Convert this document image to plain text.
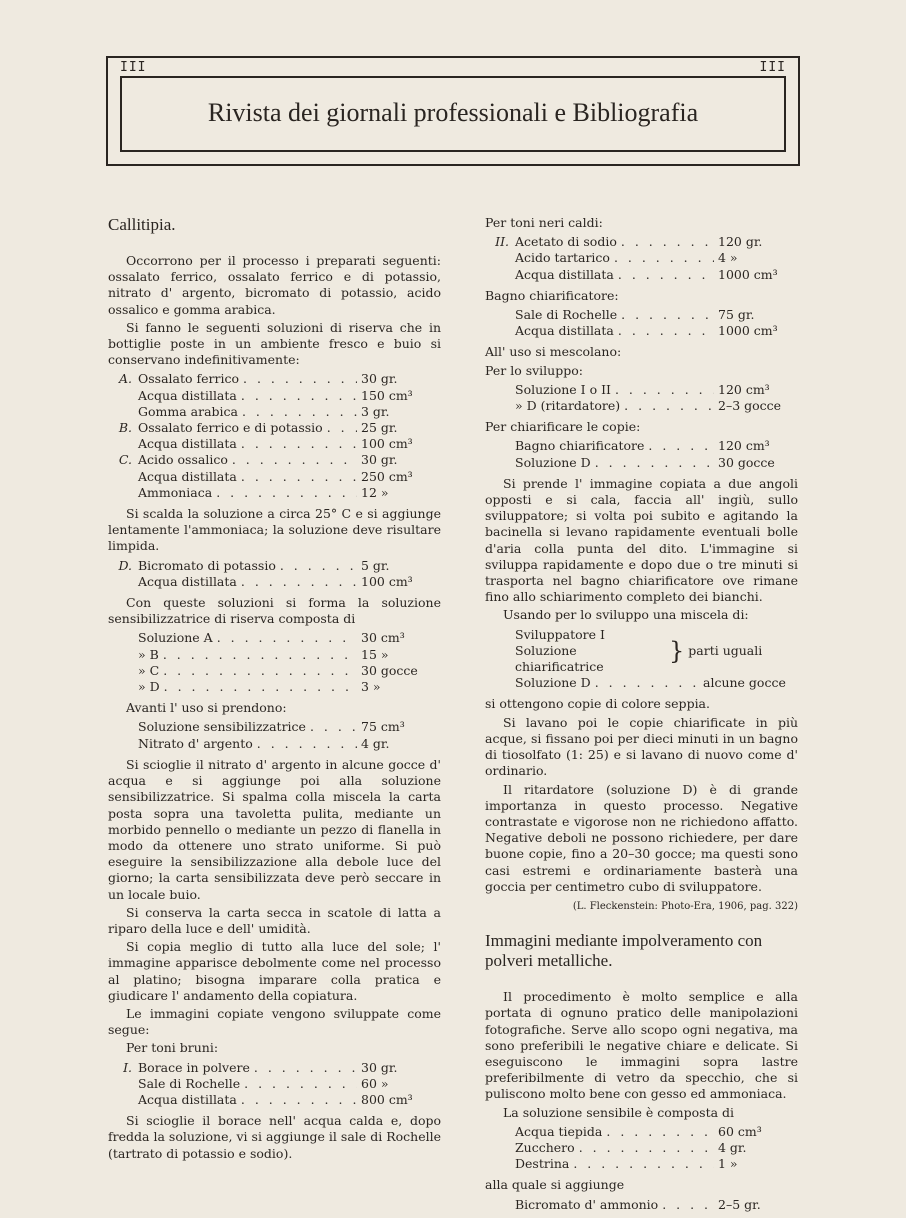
III	III
Rivista dei giornali professionali e Bibliografia
Callitipia.

Occorrono per il processo i preparati seguenti: ossalato ferrico, ossalato ferrico e di potassio, nitrato d' argento, bicromato di potassio, acido ossalico e gomma arabica.

Si fanno le seguenti soluzioni di riserva che in bottiglie poste in un ambiente fresco e buio si conservano indefinitivamente:

A. Ossalato ferrico . . .	30 gr.
Acqua distillata . . .	150 cm³
Gomma arabica . . .	3 gr.
B. Ossalato ferrico e di potassio . . .	25 gr.
Acqua distillata . . .	100 cm³
C. Acido ossalico . . .	30 gr.
Acqua distillata . . .	250 cm³
Ammoniaca . . .	12 »

Si scalda la soluzione a circa 25° C e si aggiunge lentamente l'ammoniaca; la soluzione deve risultare limpida.

D. Bicromato di potassio . . .	5 gr.
Acqua distillata . . .	100 cm³

Con queste soluzioni si forma la soluzione sensibilizzatrice di riserva composta di

Soluzione A . . .	30 cm³
» B . . .	15 »
» C . . .	30 gocce
» D . . .	3 »

Avanti l' uso si prendono:

Soluzione sensibilizzatrice . . .	75 cm³
Nitrato d' argento . . .	4 gr.

Si scioglie il nitrato d' argento in alcune gocce d' acqua e si aggiunge poi alla soluzione sensibilizzatrice. Si spalma colla miscela la carta posta sopra una tavoletta pulita, mediante un morbido pennello o mediante un pezzo di flanella in modo da ottenere uno strato uniforme. Si può eseguire la sensibilizzazione alla debole luce del giorno; la carta sensibilizzata deve però seccare in un locale buio.

Si conserva la carta secca in scatole di latta a riparo della luce e dell' umidità.

Si copia meglio di tutto alla luce del sole; l' immagine apparisce debolmente come nel processo al platino; bisogna imparare colla pratica e giudicare l' andamento della copiatura.

Le immagini copiate vengono sviluppate come segue:

Per toni bruni:

I. Borace in polvere . . .	30 gr.
Sale di Rochelle . . .	60 »
Acqua distillata . . .	800 cm³

Si scioglie il borace nell' acqua calda e, dopo fredda la soluzione, vi si aggiunge il sale di Rochelle (tartrato di potassio e sodio).

Per toni neri caldi:

II. Acetato di sodio . . .	120 gr.
Acido tartarico . . .	4 »
Acqua distillata . . .	1000 cm³

Bagno chiarificatore:

Sale di Rochelle . . .	75 gr.
Acqua distillata . . .	1000 cm³

All' uso si mescolano:

Per lo sviluppo:

Soluzione I o II . . .	120 cm³
» D (ritardatore) . . .	2–3 gocce

Per chiarificare le copie:

Bagno chiarificatore . . .	120 cm³
Soluzione D . . .	30 gocce

Si prende l' immagine copiata a due angoli opposti e si cala, faccia all' ingiù, sullo sviluppatore; si volta poi subito e agitando la bacinella si levano rapidamente eventuali bolle d'aria colla punta del dito. L'immagine si sviluppa rapidamente e dopo due o tre minuti si trasporta nel bagno chiarificatore ove rimane fino allo schiarimento completo dei bianchi.

Usando per lo sviluppo una miscela di:

Sviluppatore I
Soluzione chiarificatrice
} parti uguali
Soluzione D . . .	alcune gocce

si ottengono copie di colore seppia.

Si lavano poi le copie chiarificate in più acque, si fissano poi per dieci minuti in un bagno di tiosolfato (1: 25) e si lavano di nuovo come d' ordinario.

Il ritardatore (soluzione D) è di grande importanza in questo processo. Negative contrastate e vigorose non ne richiedono affatto. Negative deboli ne possono richiedere, per dare buone copie, fino a 20–30 gocce; ma questi sono casi estremi e ordinariamente basterà una goccia per centimetro cubo di sviluppatore.

(L. Fleckenstein: Photo-Era, 1906, pag. 322)
Immagini mediante impolveramento con polveri metalliche.

Il procedimento è molto semplice e alla portata di ognuno pratico delle manipolazioni fotografiche. Serve allo scopo ogni negativa, ma sono preferibili le negative chiare e delicate. Si eseguiscono le immagini sopra lastre preferibilmente di vetro da specchio, che si puliscono molto bene con gesso ed ammoniaca.

La soluzione sensibile è composta di

Acqua tiepida . . .	60 cm³
Zucchero . . .	4 gr.
Destrina . . .	1 »

alla quale si aggiunge

Bicromato d' ammonio . . .	2–5 gr.
